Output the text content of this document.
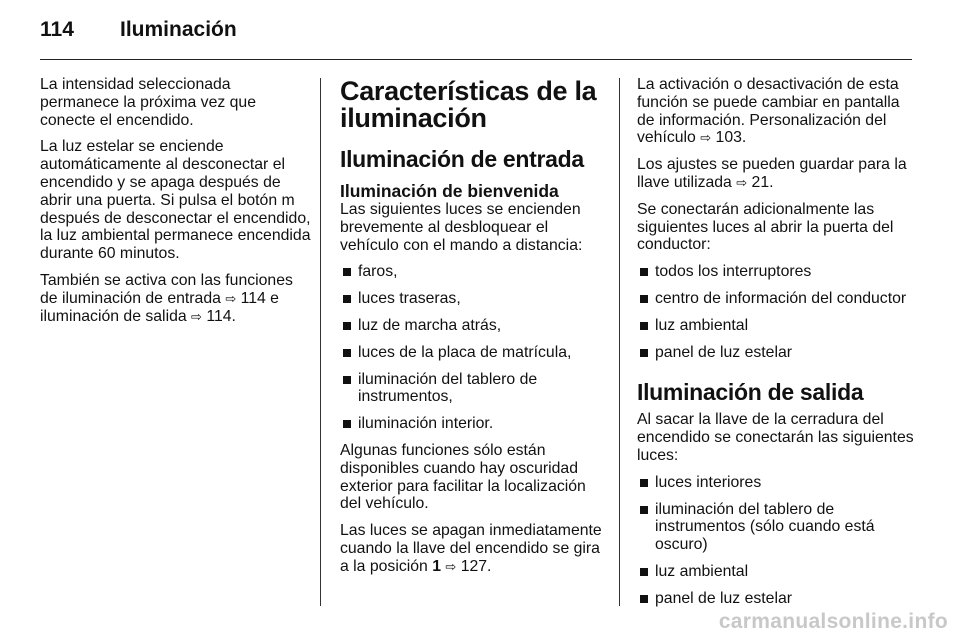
114 Iluminación

La intensidad seleccionada permanece la próxima vez que conecte el encendido.

La luz estelar se enciende automáticamente al desconectar el encendido y se apaga después de abrir una puerta. Si pulsa el botón m después de desconectar el encendido, la luz ambiental permanece encendida durante 60 minutos.

También se activa con las funciones de iluminación de entrada ⇨ 114 e iluminación de salida ⇨ 114.

Características de la iluminación
Iluminación de entrada
Iluminación de bienvenida

Las siguientes luces se encienden brevemente al desbloquear el vehículo con el mando a distancia:

faros,
luces traseras,
luz de marcha atrás,
luces de la placa de matrícula,
iluminación del tablero de instrumentos,
iluminación interior.

Algunas funciones sólo están disponibles cuando hay oscuridad exterior para facilitar la localización del vehículo.

Las luces se apagan inmediatamente cuando la llave del encendido se gira a la posición 1 ⇨ 127.

La activación o desactivación de esta función se puede cambiar en pantalla de información. Personalización del vehículo ⇨ 103.

Los ajustes se pueden guardar para la llave utilizada ⇨ 21.

Se conectarán adicionalmente las siguientes luces al abrir la puerta del conductor:

todos los interruptores
centro de información del conductor
luz ambiental
panel de luz estelar
Iluminación de salida

Al sacar la llave de la cerradura del encendido se conectarán las siguientes luces:

luces interiores
iluminación del tablero de instrumentos (sólo cuando está oscuro)
luz ambiental
panel de luz estelar
carmanualsonline.info
